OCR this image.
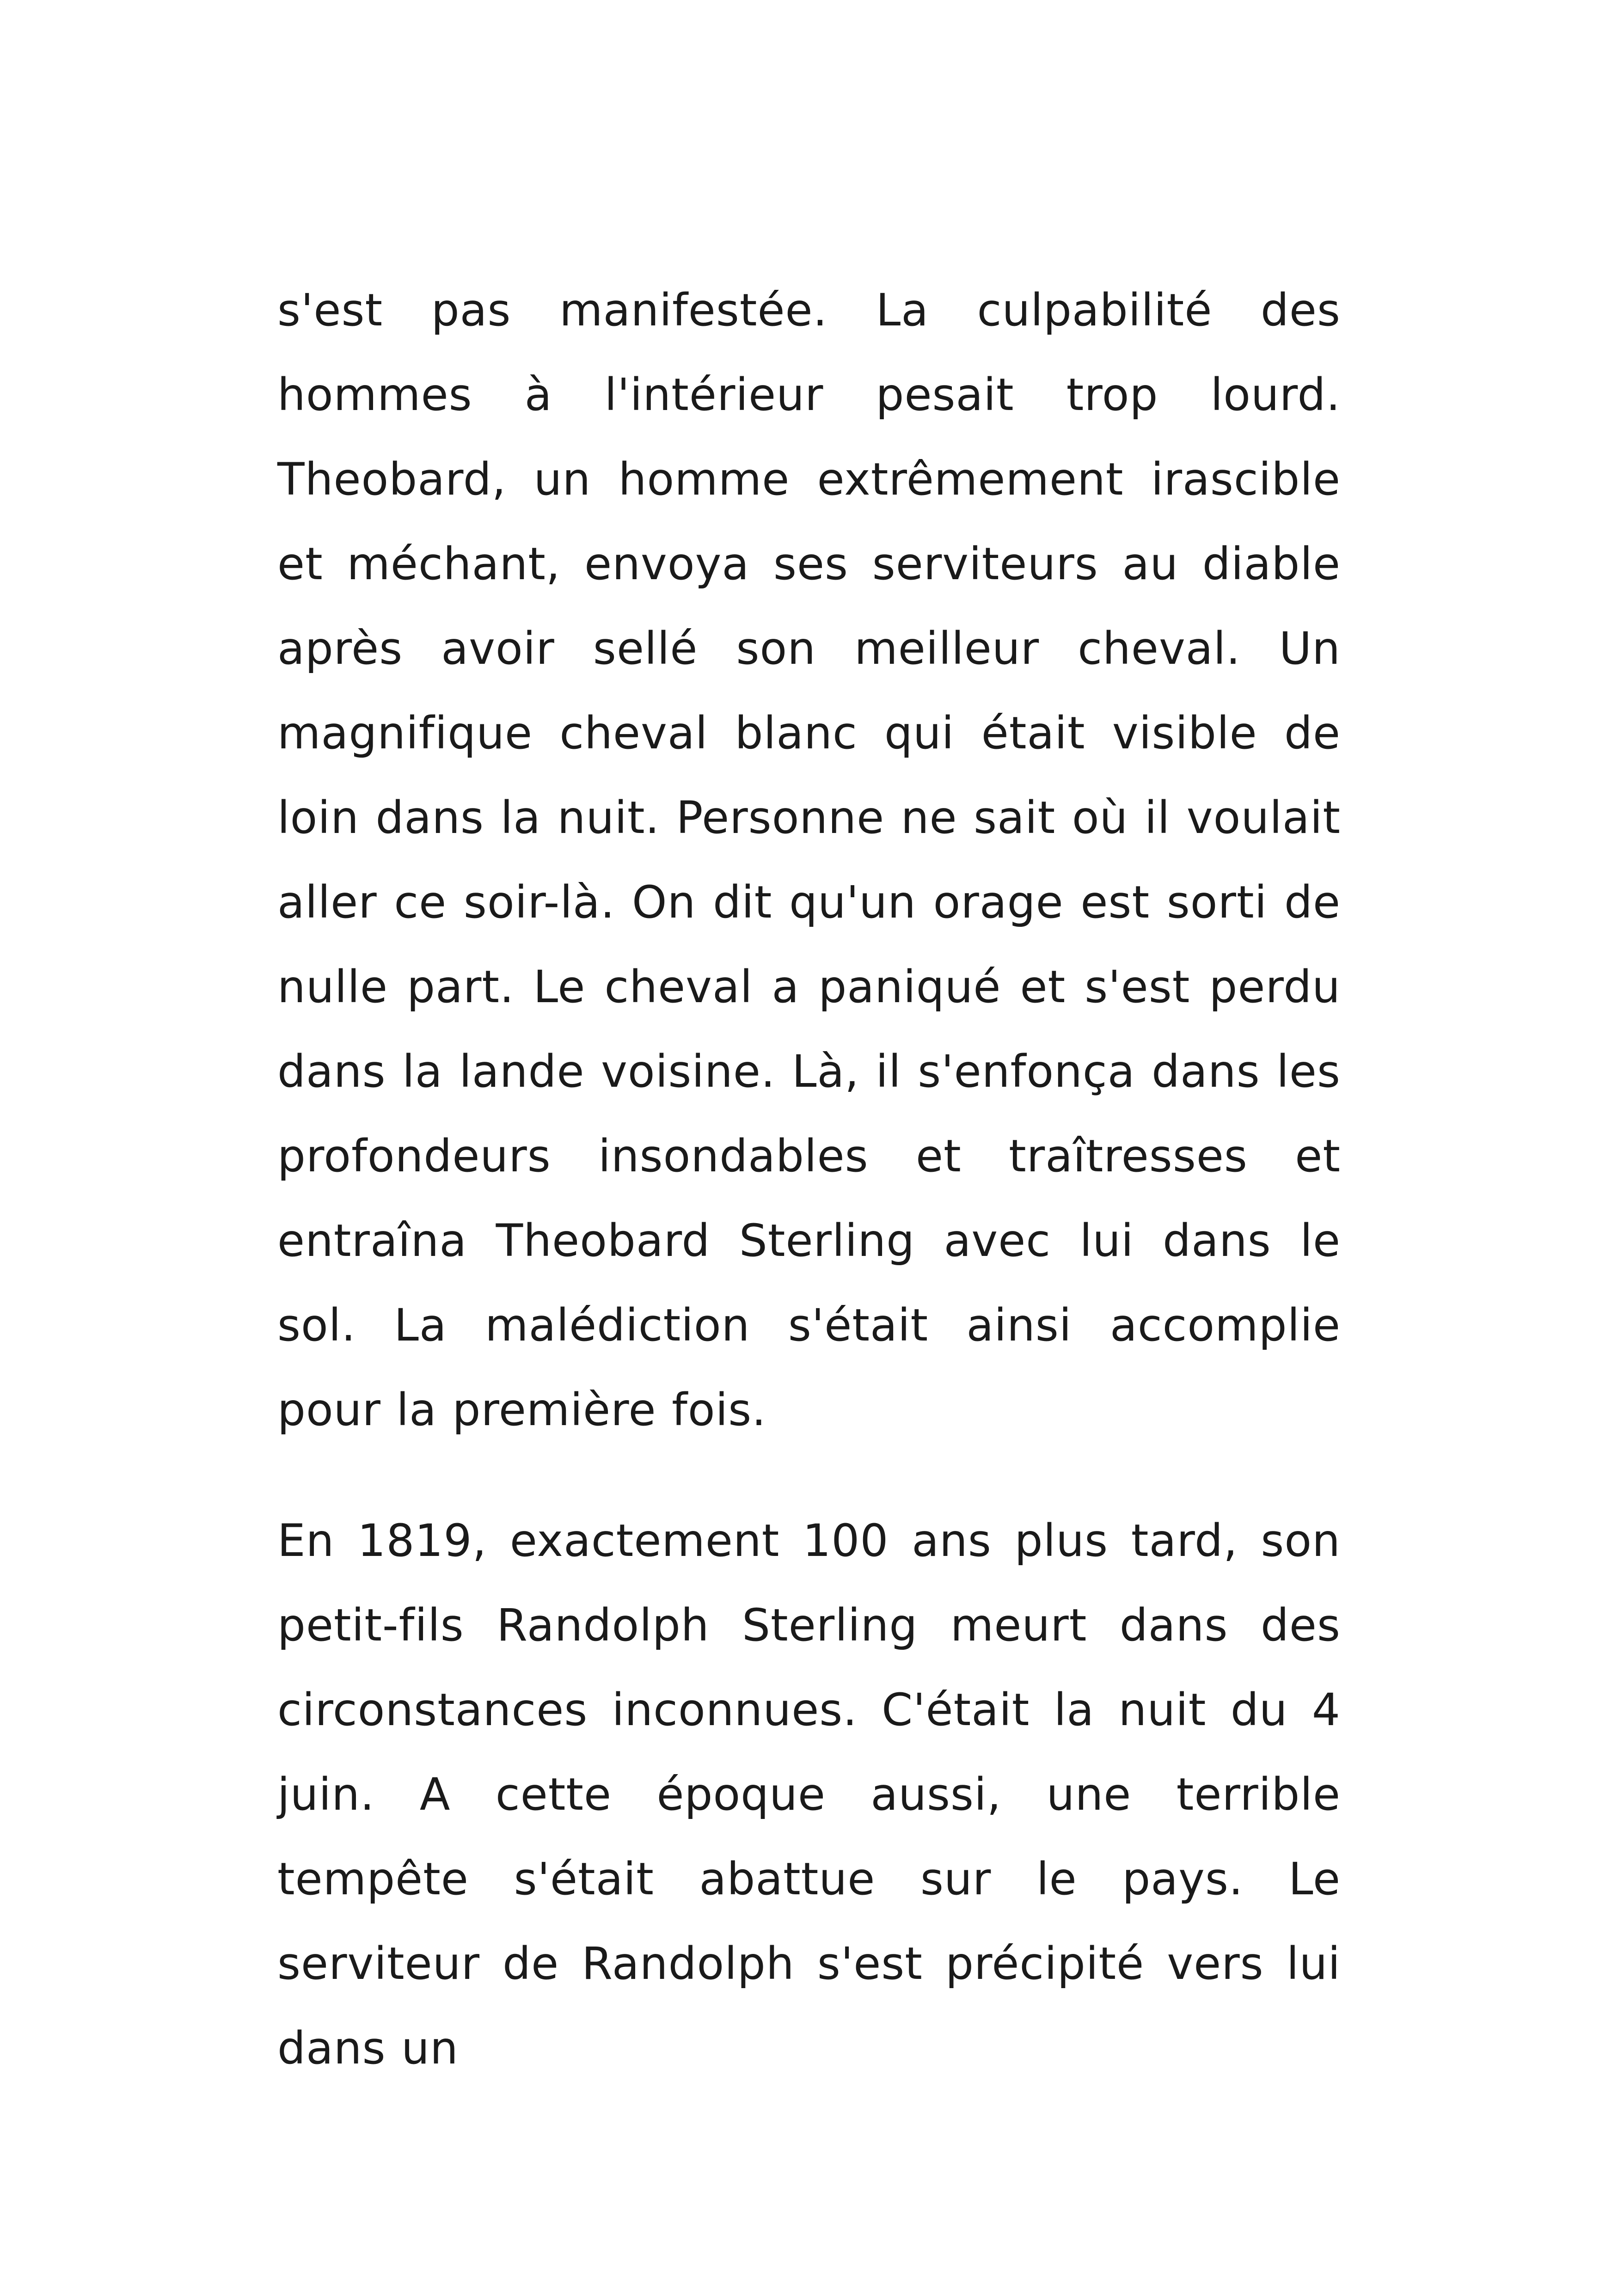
s'est pas manifestée. La culpabilité des hommes à l'intérieur pesait trop lourd. Theobard, un homme extrêmement irascible et méchant, envoya ses serviteurs au diable après avoir sellé son meilleur cheval. Un magnifique cheval blanc qui était visible de loin dans la nuit. Personne ne sait où il voulait aller ce soir-là. On dit qu'un orage est sorti de nulle part. Le cheval a paniqué et s'est perdu dans la lande voisine. Là, il s'enfonça dans les profondeurs insondables et traîtresses et entraîna Theobard Sterling avec lui dans le sol. La malédiction s'était ainsi accomplie pour la première fois.

En 1819, exactement 100 ans plus tard, son petit-fils Randolph Sterling meurt dans des circonstances inconnues. C'était la nuit du 4 juin. A cette époque aussi, une terrible tempête s'était abattue sur le pays. Le serviteur de Randolph s'est précipité vers lui dans un
